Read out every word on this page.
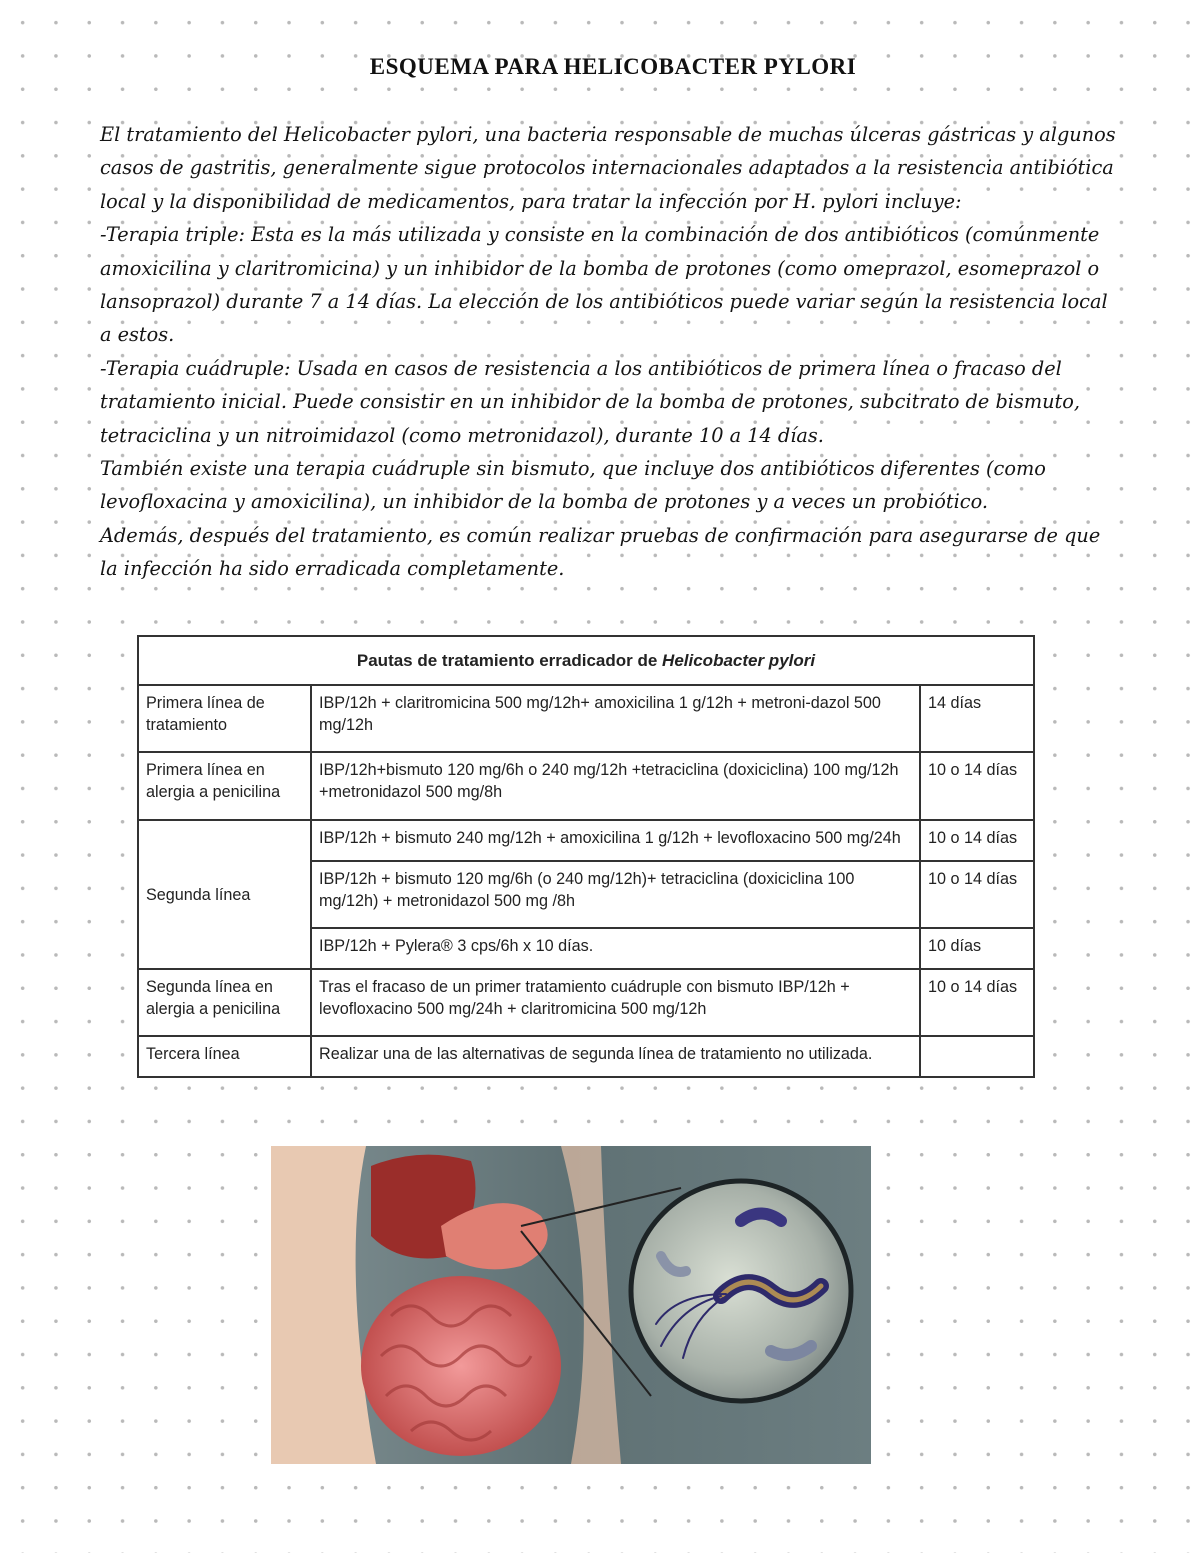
ESQUEMA PARA HELICOBACTER PYLORI

El tratamiento del Helicobacter pylori, una bacteria responsable de muchas úlceras gástricas y algunos casos de gastritis, generalmente sigue protocolos internacionales adaptados a la resistencia antibiótica local y la disponibilidad de medicamentos, para tratar la infección por H. pylori incluye:

-Terapia triple: Esta es la más utilizada y consiste en la combinación de dos antibióticos (comúnmente amoxicilina y claritromicina) y un inhibidor de la bomba de protones (como omeprazol, esomeprazol o lansoprazol) durante 7 a 14 días. La elección de los antibióticos puede variar según la resistencia local a estos.

-Terapia cuádruple: Usada en casos de resistencia a los antibióticos de primera línea o fracaso del tratamiento inicial. Puede consistir en un inhibidor de la bomba de protones, subcitrato de bismuto, tetraciclina y un nitroimidazol (como metronidazol), durante 10 a 14 días.

También existe una terapia cuádruple sin bismuto, que incluye dos antibióticos diferentes (como levofloxacina y amoxicilina), un inhibidor de la bomba de protones y a veces un probiótico.

Además, después del tratamiento, es común realizar pruebas de confirmación para asegurarse de que la infección ha sido erradicada completamente.

Pautas de tratamiento erradicador de Helicobacter pylori		
Primera línea de tratamiento	IBP/12h + claritromicina 500 mg/12h+ amoxicilina 1 g/12h + metroni-dazol 500 mg/12h	14 días
Primera línea en alergia a penicilina	IBP/12h+bismuto 120 mg/6h o 240 mg/12h +tetraciclina (doxiciclina) 100 mg/12h +metronidazol 500 mg/8h	10 o 14 días
Segunda línea	IBP/12h + bismuto 240 mg/12h + amoxicilina 1 g/12h + levofloxacino 500 mg/24h	10 o 14 días
	IBP/12h + bismuto 120 mg/6h (o 240 mg/12h)+ tetraciclina (doxiciclina 100 mg/12h) + metronidazol 500 mg /8h	10 o 14 días
	IBP/12h + Pylera® 3 cps/6h x 10 días.	10 días
Segunda línea en alergia a penicilina	Tras el fracaso de un primer tratamiento cuádruple con bismuto IBP/12h + levofloxacino 500 mg/24h + claritromicina 500 mg/12h	10 o 14 días
Tercera línea	Realizar una de las alternativas de segunda línea de tratamiento no utilizada.	
